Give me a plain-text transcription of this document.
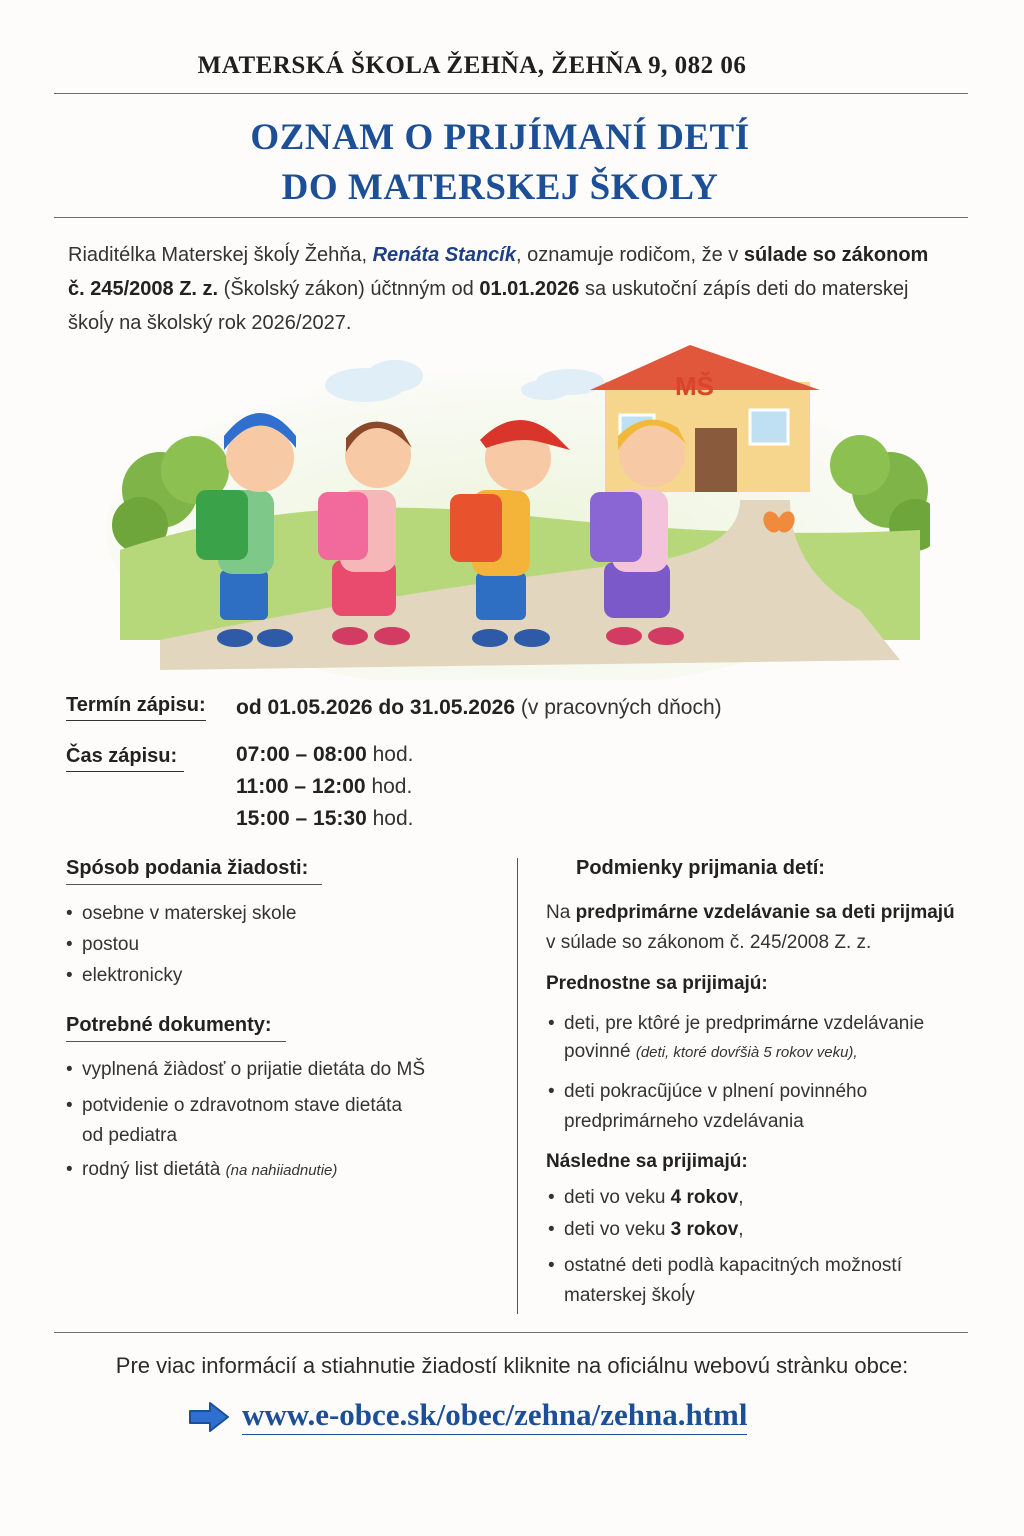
MATERSKÁ ŠKOLA ŽEHŇA, ŽEHŇA 9, 082 06
OZNAM O PRIJÍMANÍ DETÍ
DO MATERSKEJ ŠKOLY
Riaditélka Materskej škoĺy Žehňa, Renáta Stancík, oznamuje rodičom, že v súlade so zákonom č. 245/2008 Z. z. (Školský zákon) účtnným od 01.01.2026 sa uskutoční zápís deti do materskej škoĺy na školský rok 2026/2027.
MŠ
Termín zápisu: od 01.05.2026 do 31.05.2026 (v pracovných dňoch)
Čas zápisu:	07:00 – 08:00 hod.
11:00 – 12:00 hod.
15:00 – 15:30 hod.
Spósob podania žiadosti:
• osebne v materskej skole
• postou
• elektronicky
Potrebné dokumenty:
• vyplnená žiàdosť o prijatie dietáta do MŠ
• potvidenie o zdravotnom stave dietáta
od pediatra
• rodný list dietátà (na nahiiadnutie)
Podmienky prijmania detí:
Na predprimárne vzdelávanie sa deti prijmajú
v súlade so zákonom č. 245/2008 Z. z.
Prednostne sa prijimajú:
• deti, pre ktôré je predprimárne vzdelávanie
povinné (deti, ktoré dovŕšià 5 rokov veku),
• deti pokracũjúce v plnení povinného
predprimárneho vzdelávania
Následne sa prijimajú:
• deti vo veku 4 rokov,
• deti vo veku 3 rokov,
• ostatné deti podlà kapacitných možností
materskej škoĺy
Pre viac informácií a stiahnutie žiadostí kliknite na oficiálnu webovú strànku obce:
www.e-obce.sk/obec/zehna/zehna.html
